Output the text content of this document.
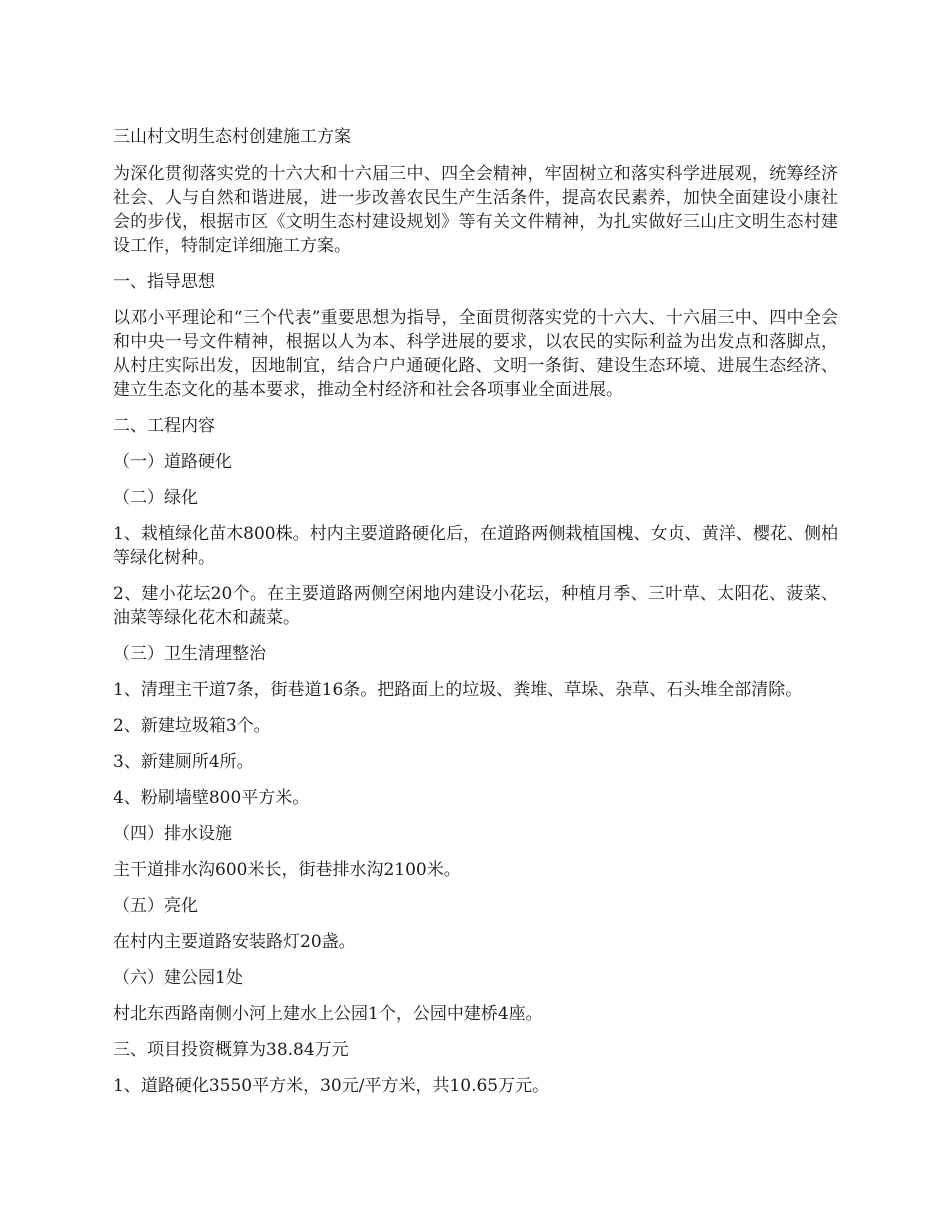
三山村文明生态村创建施工方案

为深化贯彻落实党的十六大和十六届三中、四全会精神，牢固树立和落实科学进展观，统筹经济社会、人与自然和谐进展，进一步改善农民生产生活条件，提高农民素养，加快全面建设小康社会的步伐，根据市区《文明生态村建设规划》等有关文件精神，为扎实做好三山庄文明生态村建设工作，特制定详细施工方案。

一、指导思想

以邓小平理论和“三个代表”重要思想为指导，全面贯彻落实党的十六大、十六届三中、四中全会和中央一号文件精神，根据以人为本、科学进展的要求，以农民的实际利益为出发点和落脚点，从村庄实际出发，因地制宜，结合户户通硬化路、文明一条街、建设生态环境、进展生态经济、建立生态文化的基本要求，推动全村经济和社会各项事业全面进展。

二、工程内容

（一）道路硬化

（二）绿化

1、栽植绿化苗木800株。村内主要道路硬化后，在道路两侧栽植国槐、女贞、黄洋、樱花、侧柏等绿化树种。

2、建小花坛20个。在主要道路两侧空闲地内建设小花坛，种植月季、三叶草、太阳花、菠菜、油菜等绿化花木和蔬菜。

（三）卫生清理整治

1、清理主干道7条，街巷道16条。把路面上的垃圾、粪堆、草垛、杂草、石头堆全部清除。

2、新建垃圾箱3个。

3、新建厕所4所。

4、粉刷墙壁800平方米。

（四）排水设施

主干道排水沟600米长，街巷排水沟2100米。

（五）亮化

在村内主要道路安装路灯20盏。

（六）建公园1处

村北东西路南侧小河上建水上公园1个，公园中建桥4座。

三、项目投资概算为38.84万元

1、道路硬化3550平方米，30元/平方米，共10.65万元。
